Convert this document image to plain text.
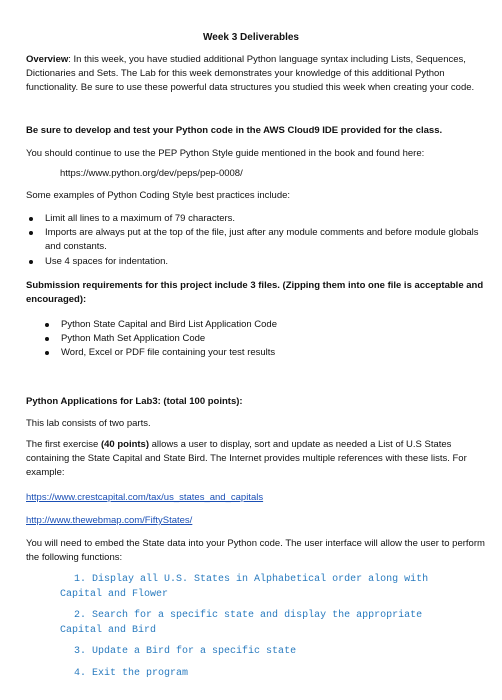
Week 3 Deliverables
Overview: In this week, you have studied additional Python language syntax including Lists, Sequences, Dictionaries and Sets. The Lab for this week demonstrates your knowledge of this additional Python functionality. Be sure to use these powerful data structures you studied this week when creating your code.
Be sure to develop and test your Python code in the AWS Cloud9 IDE provided for the class.
You should continue to use the PEP Python Style guide mentioned in the book and found here:
https://www.python.org/dev/peps/pep-0008/
Some examples of Python Coding Style best practices include:
Limit all lines to a maximum of 79 characters.
Imports are always put at the top of the file, just after any module comments and before module globals and constants.
Use 4 spaces for indentation.
Submission requirements for this project include 3 files. (Zipping them into one file is acceptable and encouraged):
Python State Capital and Bird List Application Code
Python Math Set Application Code
Word, Excel or PDF file containing your test results
Python Applications for Lab3: (total 100 points):
This lab consists of two parts.
The first exercise (40 points) allows a user to display, sort and update as needed a List of U.S States containing the State Capital and State Bird. The Internet provides multiple references with these lists. For example:
https://www.crestcapital.com/tax/us_states_and_capitals
http://www.thewebmap.com/FiftyStates/
You will need to embed the State data into your Python code. The user interface will allow the user to perform the following functions:
1. Display all U.S. States in Alphabetical order along with
Capital and Flower
2. Search for a specific state and display the appropriate
Capital and Bird
3. Update a Bird for a specific state
4. Exit the program
